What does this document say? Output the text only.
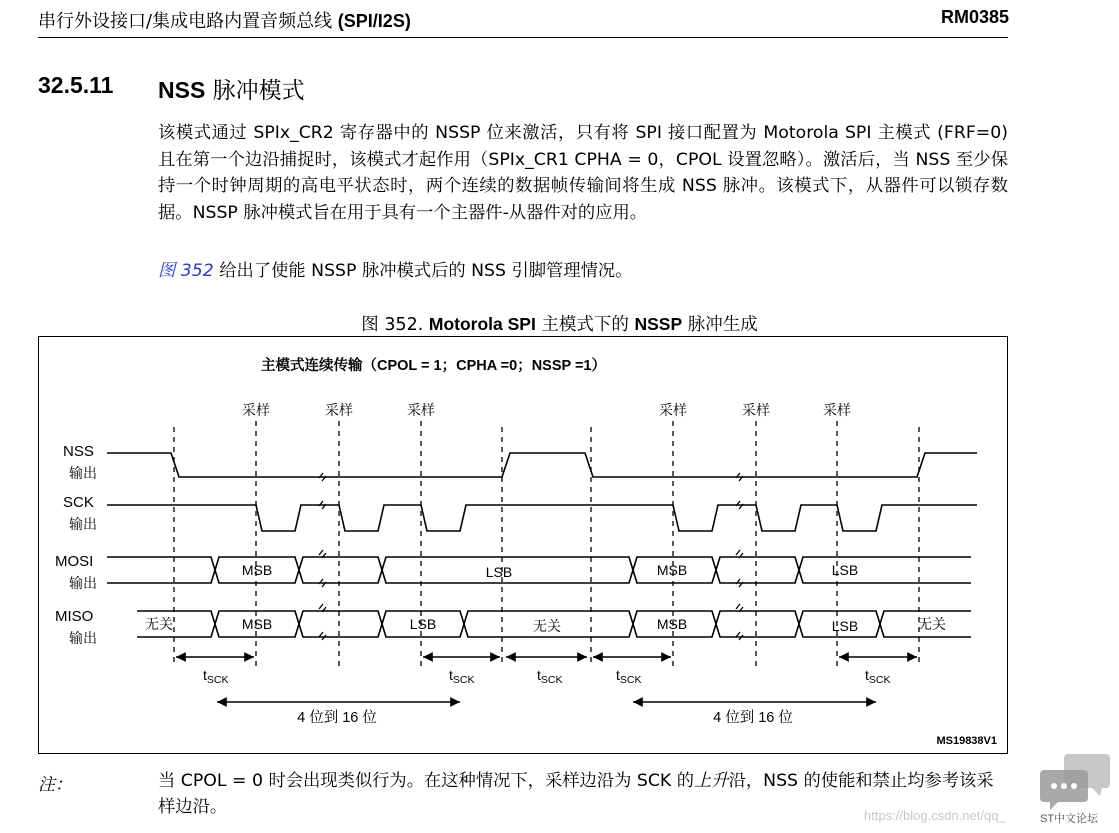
串行外设接口/集成电路内置音频总线 (SPI/I2S)	RM0385
32.5.11 NSS 脉冲模式
该模式通过 SPIx_CR2 寄存器中的 NSSP 位来激活，只有将 SPI 接口配置为 Motorola SPI 主模式 (FRF=0) 且在第一个边沿捕捉时，该模式才起作用（SPIx_CR1 CPHA = 0，CPOL 设置忽略）。激活后，当 NSS 至少保持一个时钟周期的高电平状态时，两个连续的数据帧传输间将生成 NSS 脉冲。该模式下，从器件可以锁存数据。NSSP 脉冲模式旨在用于具有一个主器件-从器件对的应用。
图 352 给出了使能 NSSP 脉冲模式后的 NSS 引脚管理情况。
图 352. Motorola SPI 主模式下的 NSSP 脉冲生成
主模式连续传输（CPOL = 1；CPHA =0；NSSP =1）
采样	采样	采样	采样	采样	采样
NSS
输出
SCK
输出
MOSI
输出
MISO
输出
MSB	LSB	MSB	LSB
无关	MSB	LSB	无关	MSB	LSB	无关
$t_{SCK}$	$t_{SCK}$	$t_{SCK}$	$t_{SCK}$	$t_{SCK}$
4 位到 16 位	4 位到 16 位
MS19838V1
注：	当 CPOL = 0 时会出现类似行为。在这种情况下，采样边沿为 SCK 的上升沿，NSS 的使能和禁止均参考该采样边沿。	https://blog.csdn.net/qq_	ST中文论坛
